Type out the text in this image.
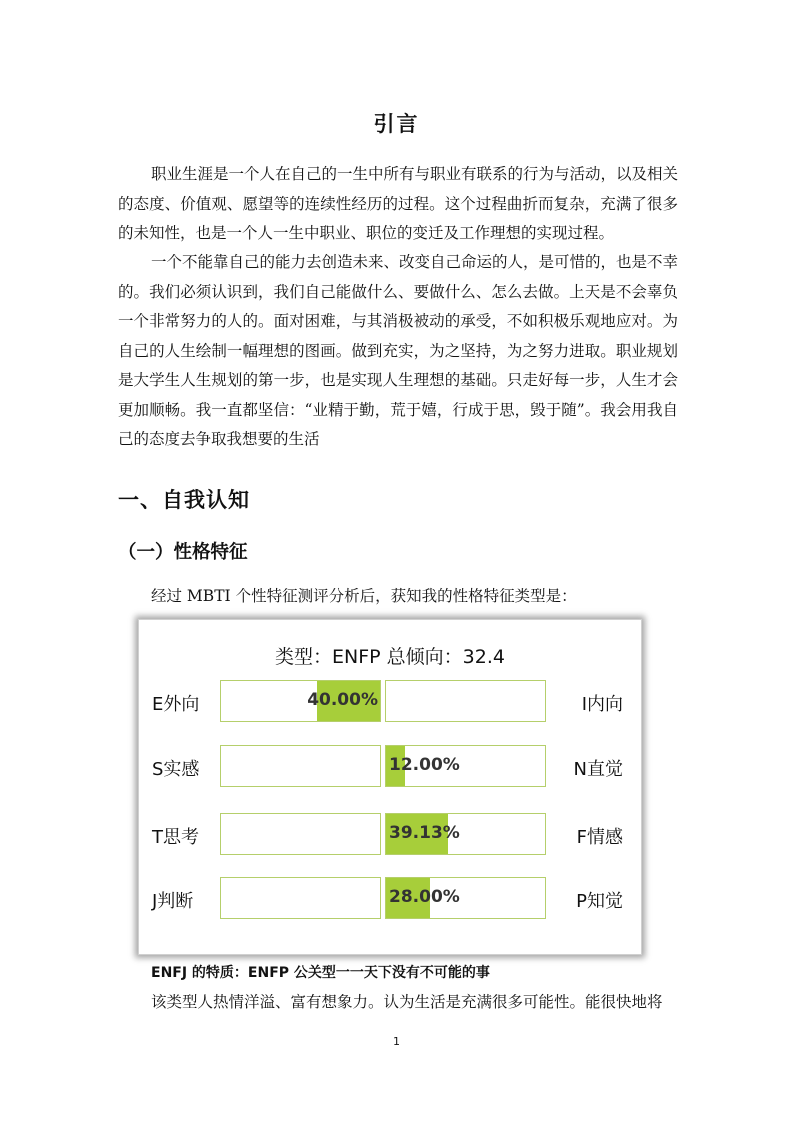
引言

职业生涯是一个人在自己的一生中所有与职业有联系的行为与活动，以及相关的态度、价值观、愿望等的连续性经历的过程。这个过程曲折而复杂，充满了很多的未知性，也是一个人一生中职业、职位的变迁及工作理想的实现过程。

一个不能靠自己的能力去创造未来、改变自己命运的人，是可惜的，也是不幸的。我们必须认识到，我们自己能做什么、要做什么、怎么去做。上天是不会辜负一个非常努力的人的。面对困难，与其消极被动的承受，不如积极乐观地应对。为自己的人生绘制一幅理想的图画。做到充实，为之坚持，为之努力进取。职业规划是大学生人生规划的第一步，也是实现人生理想的基础。只走好每一步，人生才会更加顺畅。我一直都坚信：“业精于勤，荒于嬉，行成于思，毁于随”。我会用我自己的态度去争取我想要的生活

一、自我认知
（一）性格特征
经过 MBTI 个性特征测评分析后，获知我的性格特征类型是：
类型：ENFP 总倾向：32.4
E外向	40.00%	I内向
S实感	12.00%	N直觉
T思考	39.13%	F情感
J判断	28.00%	P知觉
ENFJ 的特质：ENFP 公关型一一天下没有不可能的事
该类型人热情洋溢、富有想象力。认为生活是充满很多可能性。能很快地将
1
